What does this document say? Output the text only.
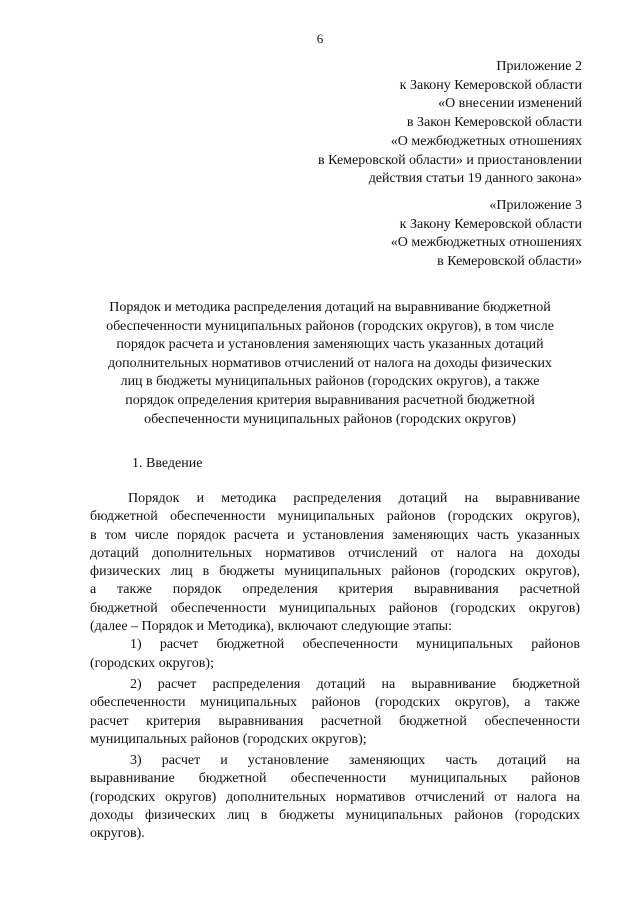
6
Приложение 2
к Закону Кемеровской области
«О внесении изменений
в Закон Кемеровской области
«О межбюджетных отношениях
в Кемеровской области» и приостановлении
действия статьи 19 данного закона»
«Приложение 3
к Закону Кемеровской области
«О межбюджетных отношениях
в Кемеровской области»
Порядок и методика распределения дотаций на выравнивание бюджетной
обеспеченности муниципальных районов (городских округов), в том числе
порядок расчета и установления заменяющих часть указанных дотаций
дополнительных нормативов отчислений от налога на доходы физических
лиц в бюджеты муниципальных районов (городских округов), а также
порядок определения критерия выравнивания расчетной бюджетной
обеспеченности муниципальных районов (городских округов)
1. Введение
Порядок и методика распределения дотаций на выравнивание
бюджетной обеспеченности муниципальных районов (городских округов),
в том числе порядок расчета и установления заменяющих часть указанных
дотаций дополнительных нормативов отчислений от налога на доходы
физических лиц в бюджеты муниципальных районов (городских округов),
а также порядок определения критерия выравнивания расчетной
бюджетной обеспеченности муниципальных районов (городских округов)
(далее – Порядок и Методика), включают следующие этапы:
1) расчет бюджетной обеспеченности муниципальных районов
(городских округов);
2) расчет распределения дотаций на выравнивание бюджетной
обеспеченности муниципальных районов (городских округов), а также
расчет критерия выравнивания расчетной бюджетной обеспеченности
муниципальных районов (городских округов);
3) расчет и установление заменяющих часть дотаций на
выравнивание бюджетной обеспеченности муниципальных районов
(городских округов) дополнительных нормативов отчислений от налога на
доходы физических лиц в бюджеты муниципальных районов (городских
округов).
